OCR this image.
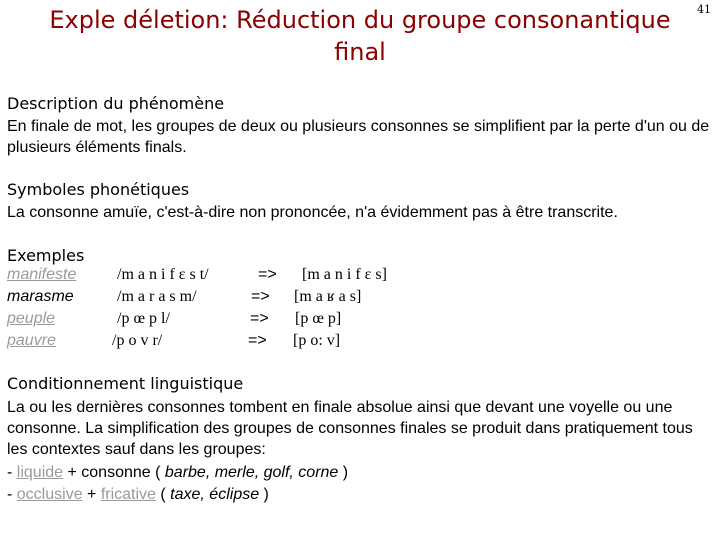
Exple déletion: Réduction du groupe consonantique
final
41
Description du phénomène
En finale de mot, les groupes de deux ou plusieurs consonnes se simplifient par la perte d'un ou de plusieurs éléments finals.
Symboles phonétiques
La consonne amuïe, c'est-à-dire non prononcée, n'a évidemment pas à être transcrite.
Exemples
manifeste	/m a n i f ɛ s t/	=> [m a n i f ɛ s]
marasme	/m a r a s m/	=> [m a ʁ a s]
peuple	/p œ p l/	=> [p œ p]
pauvre	/p o v r/	=> [p o: v]
Conditionnement linguistique
La ou les dernières consonnes tombent en finale absolue ainsi que devant une voyelle ou une consonne. La simplification des groupes de consonnes finales se produit dans pratiquement tous les contextes sauf dans les groupes:
- liquide + consonne ( barbe, merle, golf, corne )
- occlusive + fricative ( taxe, éclipse )
